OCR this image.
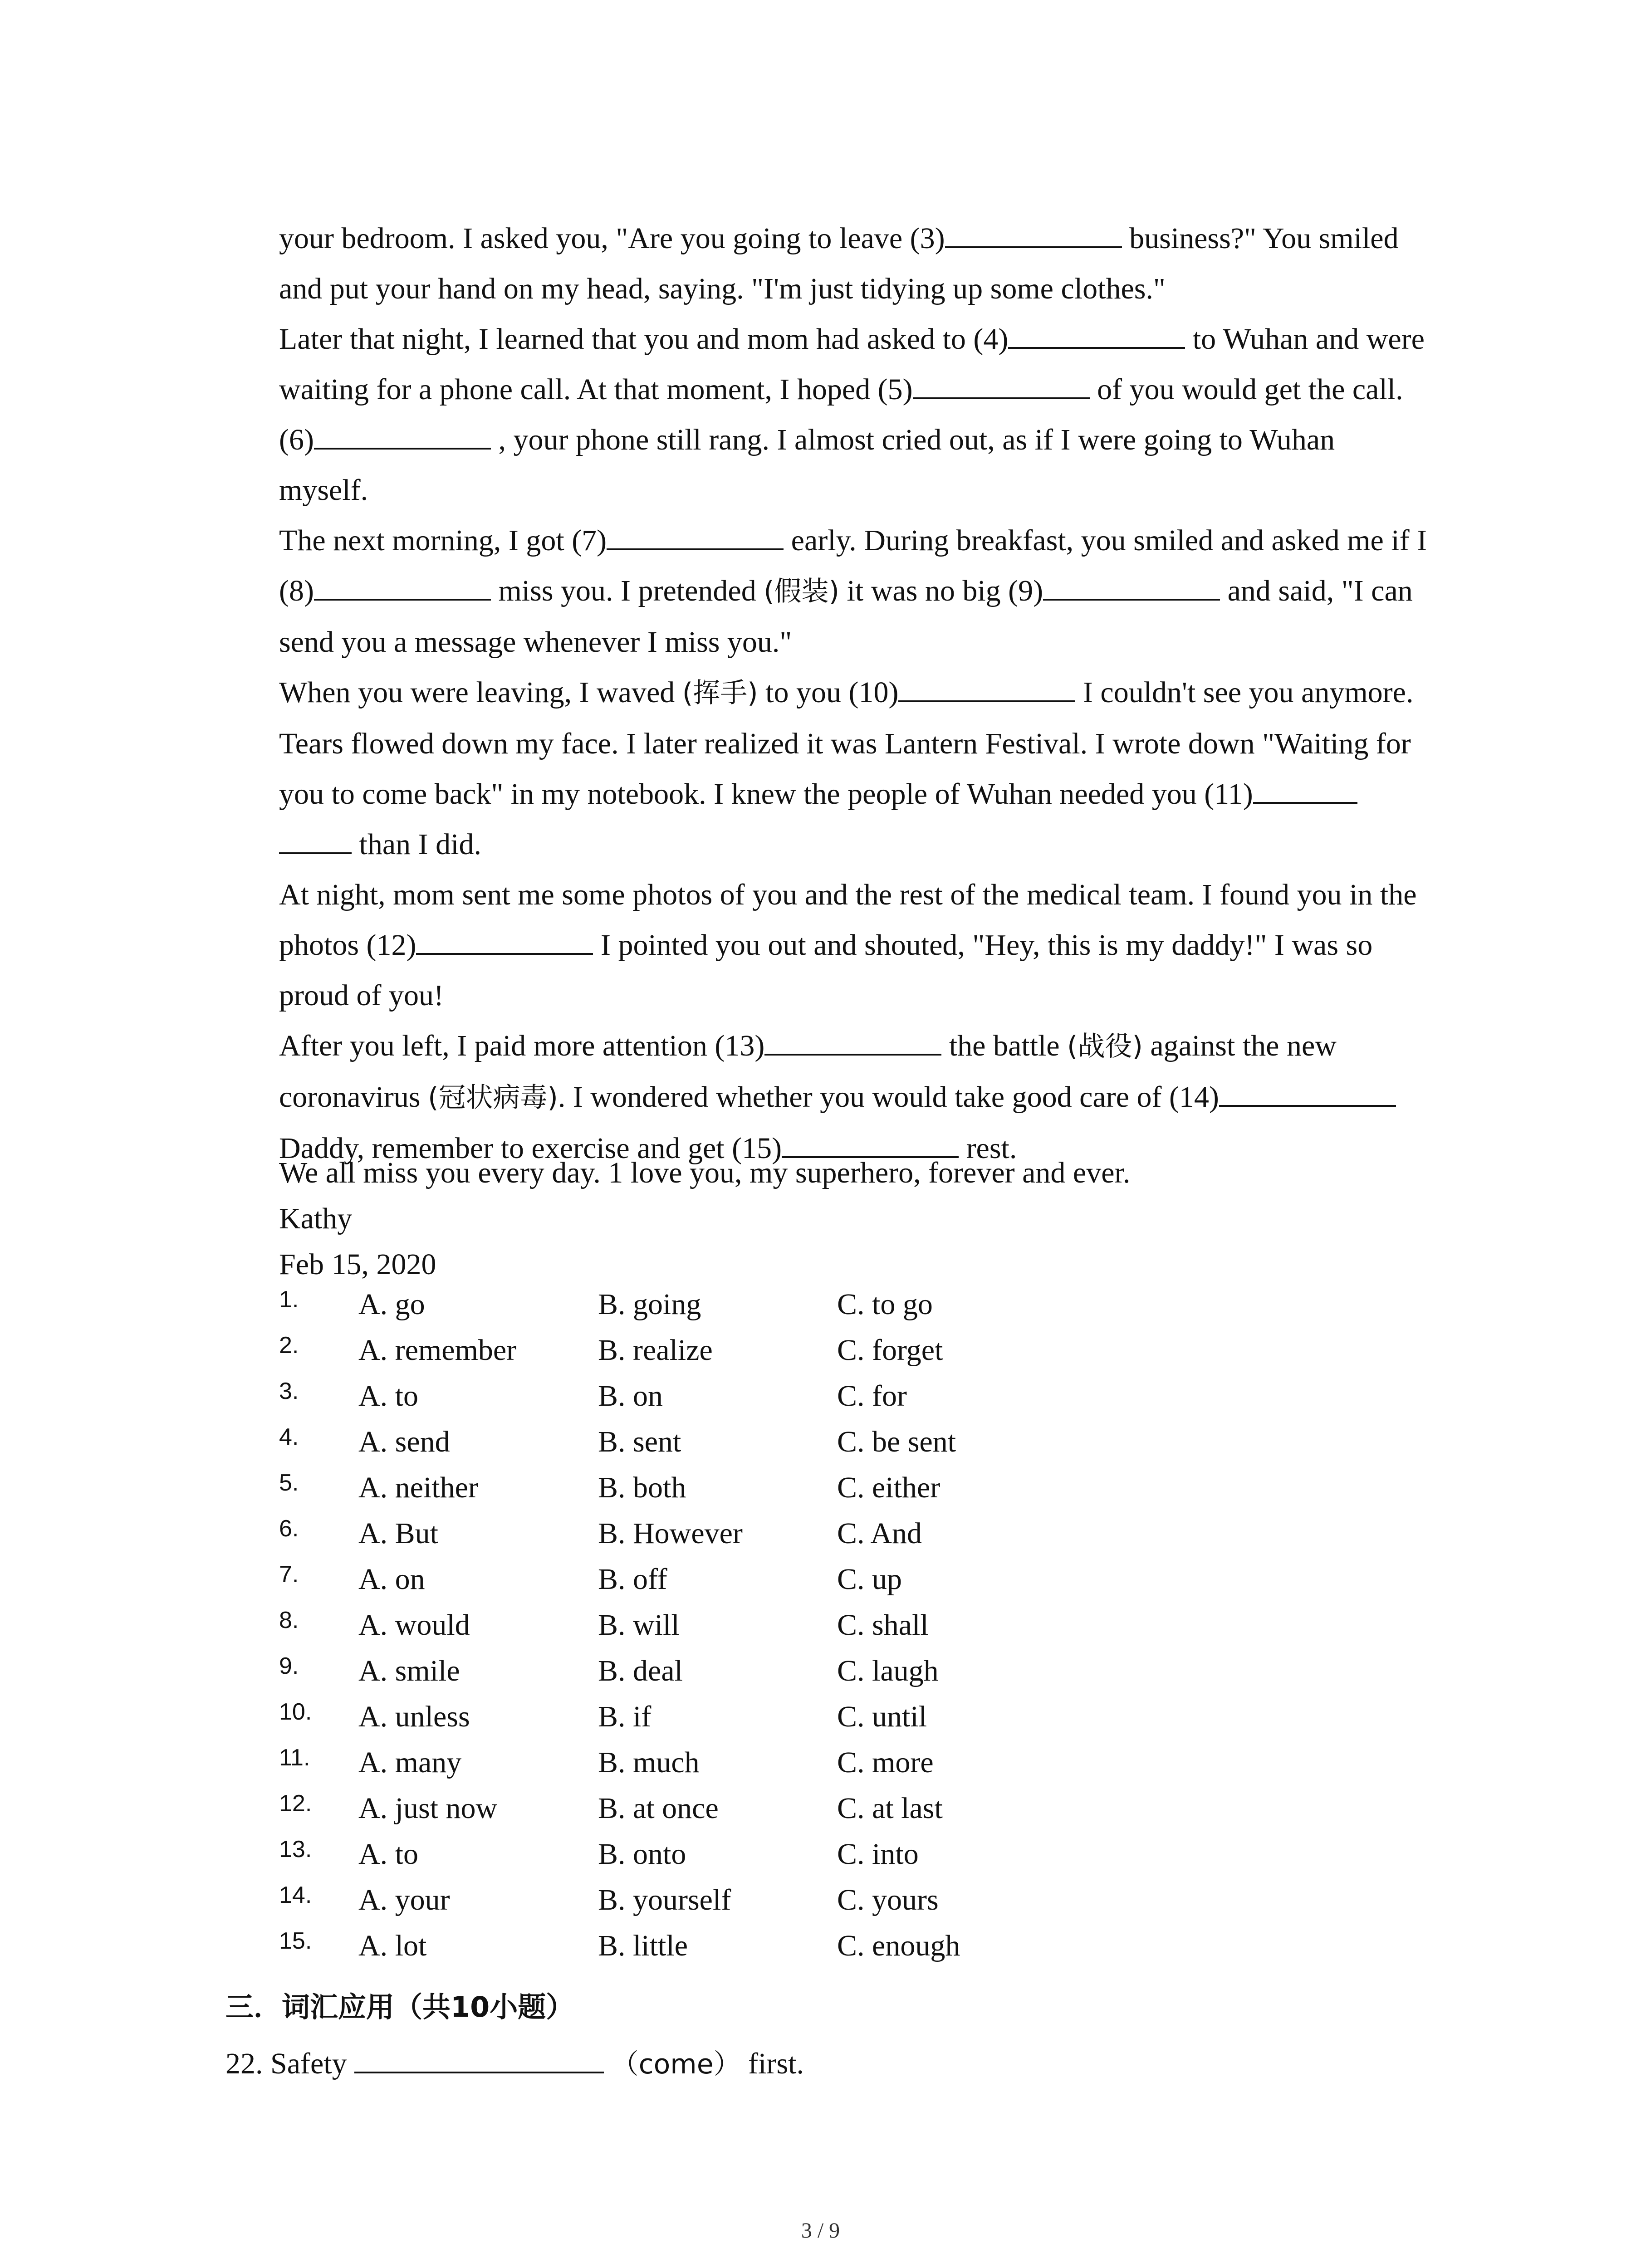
your bedroom. I asked you, "Are you going to leave (3)	business?" You smiled
and put your hand on my head, saying. "I'm just tidying up some clothes."
Later that night, I learned that you and mom had asked to (4)	to Wuhan and were
waiting for a phone call. At that moment, I hoped (5)	of you would get the call.
(6)	, your phone still rang. I almost cried out, as if I were going to Wuhan
myself.
The next morning, I got (7)	early. During breakfast, you smiled and asked me if I
(8)	miss you. I pretended (假装) it was no big (9)	and said, "I can
send you a message whenever I miss you."
When you were leaving, I waved (挥手) to you (10)	I couldn't see you anymore.
Tears flowed down my face. I later realized it was Lantern Festival. I wrote down "Waiting for
you to come back" in my notebook. I knew the people of Wuhan needed you (11)
than I did.
At night, mom sent me some photos of you and the rest of the medical team. I found you in the
photos (12)	I pointed you out and shouted, "Hey, this is my daddy!" I was so
proud of you!
After you left, I paid more attention (13)	the battle (战役) against the new
coronavirus (冠状病毒). I wondered whether you would take good care of (14)
Daddy, remember to exercise and get (15)	rest.
We all miss you every day. 1 love you, my superhero, forever and ever.
Kathy
Feb 15, 2020
1. A. go	B. going	C. to go
2. A. remember	B. realize	C. forget
3. A. to	B. on	C. for
4. A. send	B. sent	C. be sent
5. A. neither	B. both	C. either
6. A. But	B. However	C. And
7. A. on	B. off	C. up
8. A. would	B. will	C. shall
9. A. smile	B. deal	C. laugh
10. A. unless	B. if	C. until
11. A. many	B. much	C. more
12. A. just now	B. at once	C. at last
13. A. to	B. onto	C. into
14. A. your	B. yourself	C. yours
15. A. lot	B. little	C. enough
三．词汇应用（共10小题）
22. Safety	（come） first.
3 / 9
